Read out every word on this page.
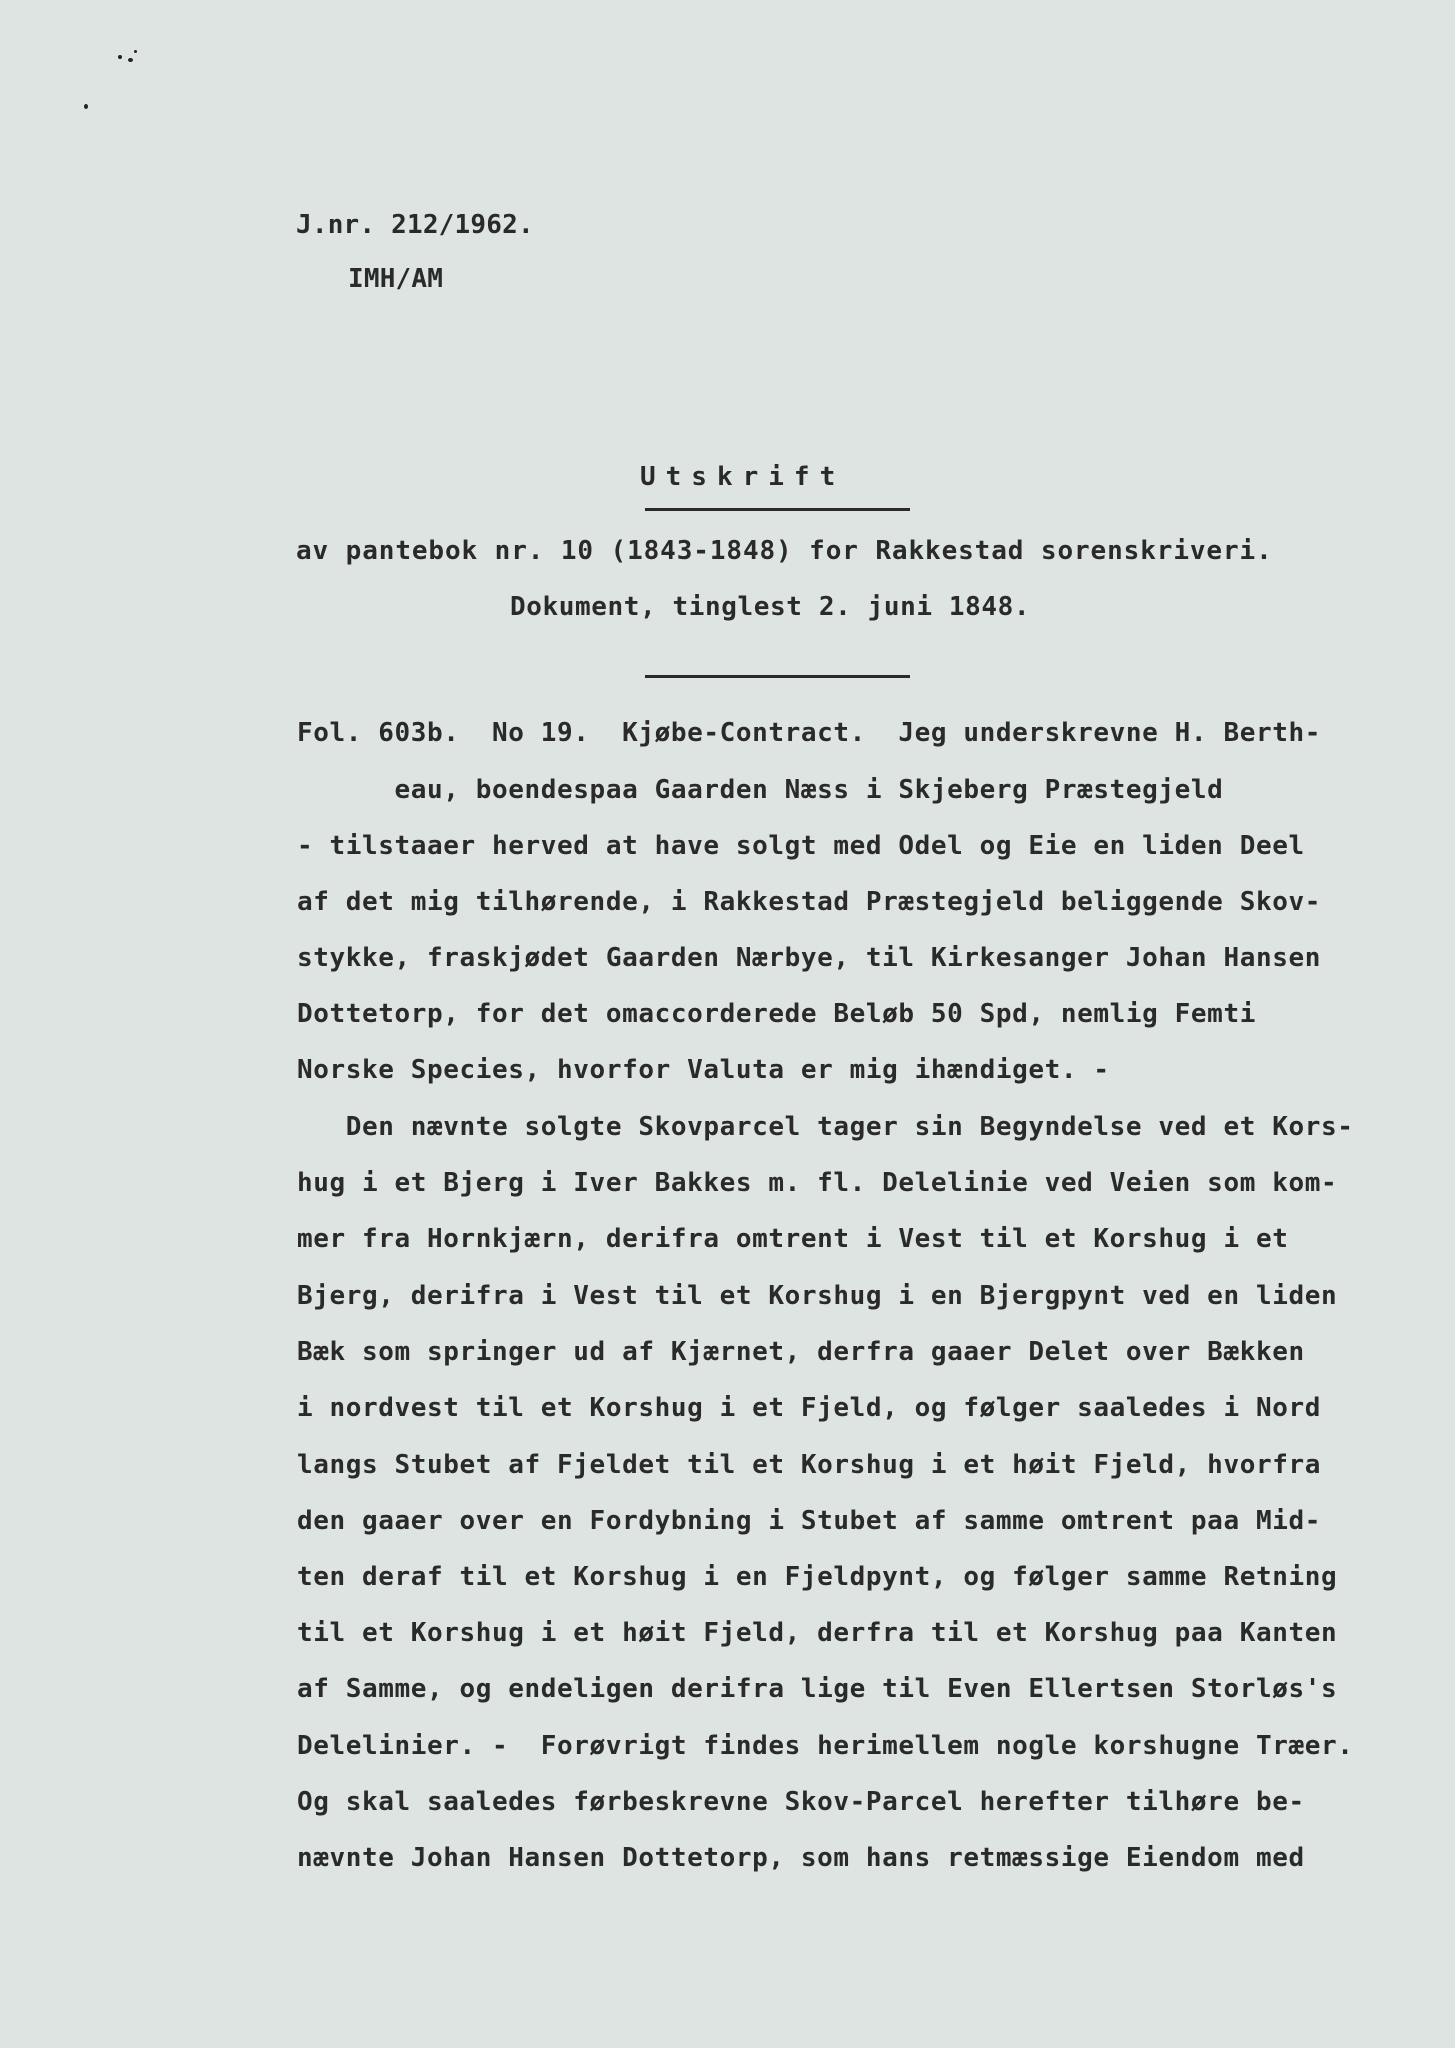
J.nr. 212/1962.
IMH/AM
Utskrift
av pantebok nr. 10 (1843-1848) for Rakkestad sorenskriveri.
Dokument, tinglest 2. juni 1848.
Fol. 603b.  No 19.  Kjøbe-Contract.  Jeg underskrevne H. Berth-
eau, boendespaa Gaarden Næss i Skjeberg Præstegjeld
- tilstaaer herved at have solgt med Odel og Eie en liden Deel
af det mig tilhørende, i Rakkestad Præstegjeld beliggende Skov-
stykke, fraskjødet Gaarden Nærbye, til Kirkesanger Johan Hansen
Dottetorp, for det omaccorderede Beløb 50 Spd, nemlig Femti
Norske Species, hvorfor Valuta er mig ihændiget. -
Den nævnte solgte Skovparcel tager sin Begyndelse ved et Kors-
hug i et Bjerg i Iver Bakkes m. fl. Delelinie ved Veien som kom-
mer fra Hornkjærn, derifra omtrent i Vest til et Korshug i et
Bjerg, derifra i Vest til et Korshug i en Bjergpynt ved en liden
Bæk som springer ud af Kjærnet, derfra gaaer Delet over Bækken
i nordvest til et Korshug i et Fjeld, og følger saaledes i Nord
langs Stubet af Fjeldet til et Korshug i et høit Fjeld, hvorfra
den gaaer over en Fordybning i Stubet af samme omtrent paa Mid-
ten deraf til et Korshug i en Fjeldpynt, og følger samme Retning
til et Korshug i et høit Fjeld, derfra til et Korshug paa Kanten
af Samme, og endeligen derifra lige til Even Ellertsen Storløs's
Delelinier. -  Forøvrigt findes herimellem nogle korshugne Træer.
Og skal saaledes førbeskrevne Skov-Parcel herefter tilhøre be-
nævnte Johan Hansen Dottetorp, som hans retmæssige Eiendom med
